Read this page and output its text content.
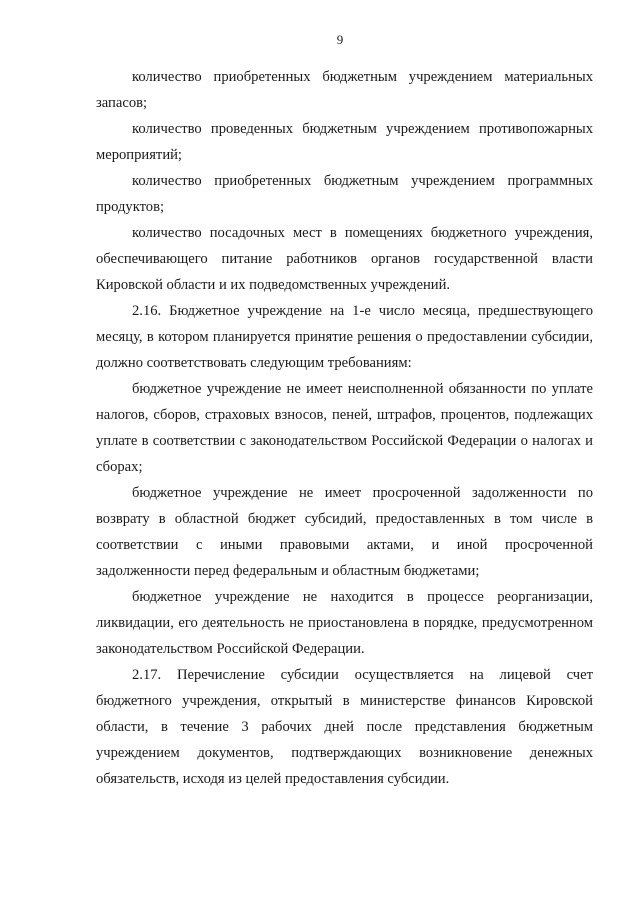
9

количество приобретенных бюджетным учреждением материальных запасов;

количество проведенных бюджетным учреждением противопожарных мероприятий;

количество приобретенных бюджетным учреждением программных продуктов;

количество посадочных мест в помещениях бюджетного учреждения, обеспечивающего питание работников органов государственной власти Кировской области и их подведомственных учреждений.

2.16. Бюджетное учреждение на 1-е число месяца, предшествующего месяцу, в котором планируется принятие решения о предоставлении субсидии, должно соответствовать следующим требованиям:

бюджетное учреждение не имеет неисполненной обязанности по уплате налогов, сборов, страховых взносов, пеней, штрафов, процентов, подлежащих уплате в соответствии с законодательством Российской Федерации о налогах и сборах;

бюджетное учреждение не имеет просроченной задолженности по возврату в областной бюджет субсидий, предоставленных в том числе в соответствии с иными правовыми актами, и иной просроченной задолженности перед федеральным и областным бюджетами;

бюджетное учреждение не находится в процессе реорганизации, ликвидации, его деятельность не приостановлена в порядке, предусмотренном законодательством Российской Федерации.

2.17. Перечисление субсидии осуществляется на лицевой счет бюджетного учреждения, открытый в министерстве финансов Кировской области, в течение 3 рабочих дней после представления бюджетным учреждением документов, подтверждающих возникновение денежных обязательств, исходя из целей предоставления субсидии.
